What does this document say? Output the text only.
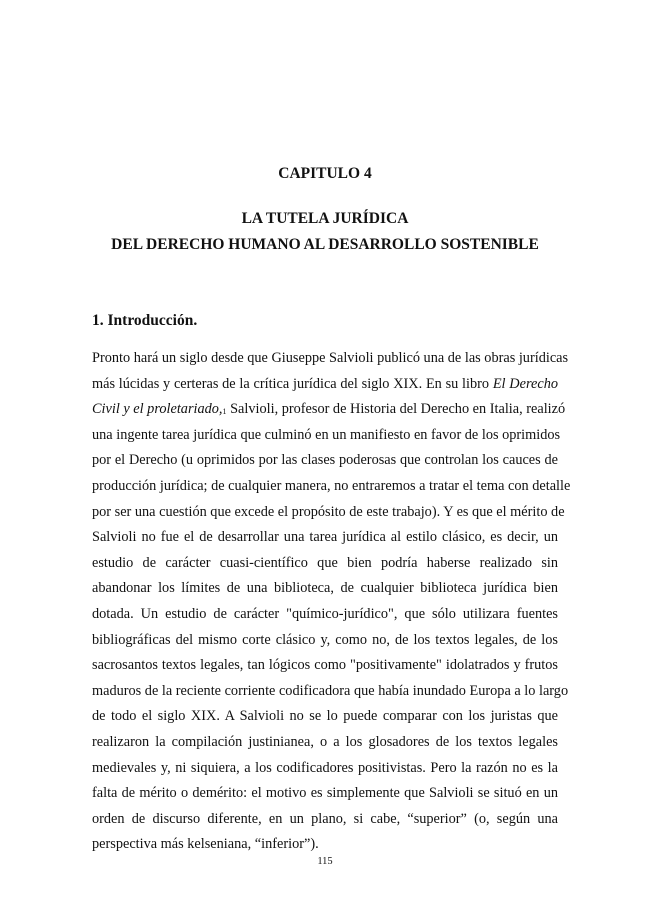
CAPITULO 4
LA TUTELA JURÍDICA
DEL DERECHO HUMANO AL DESARROLLO SOSTENIBLE
1. Introducción.
Pronto hará un siglo desde que Giuseppe Salvioli publicó una de las obras jurídicas
más lúcidas y certeras de la crítica jurídica del siglo XIX. En su libro El Derecho
Civil y el proletariado,1 Salvioli, profesor de Historia del Derecho en Italia, realizó
una ingente tarea jurídica que culminó en un manifiesto en favor de los oprimidos
por el Derecho (u oprimidos por las clases poderosas que controlan los cauces de
producción jurídica; de cualquier manera, no entraremos a tratar el tema con detalle
por ser una cuestión que excede el propósito de este trabajo). Y es que el mérito de
Salvioli no fue el de desarrollar una tarea jurídica al estilo clásico, es decir, un
estudio de carácter cuasi-científico que bien podría haberse realizado sin
abandonar los límites de una biblioteca, de cualquier biblioteca jurídica bien
dotada. Un estudio de carácter "químico-jurídico", que sólo utilizara fuentes
bibliográficas del mismo corte clásico y, como no, de los textos legales, de los
sacrosantos textos legales, tan lógicos como "positivamente" idolatrados y frutos
maduros de la reciente corriente codificadora que había inundado Europa a lo largo
de todo el siglo XIX. A Salvioli no se lo puede comparar con los juristas que
realizaron la compilación justinianea, o a los glosadores de los textos legales
medievales y, ni siquiera, a los codificadores positivistas. Pero la razón no es la
falta de mérito o demérito: el motivo es simplemente que Salvioli se situó en un
orden de discurso diferente, en un plano, si cabe, “superior” (o, según una
perspectiva más kelseniana, “inferior”).
115
